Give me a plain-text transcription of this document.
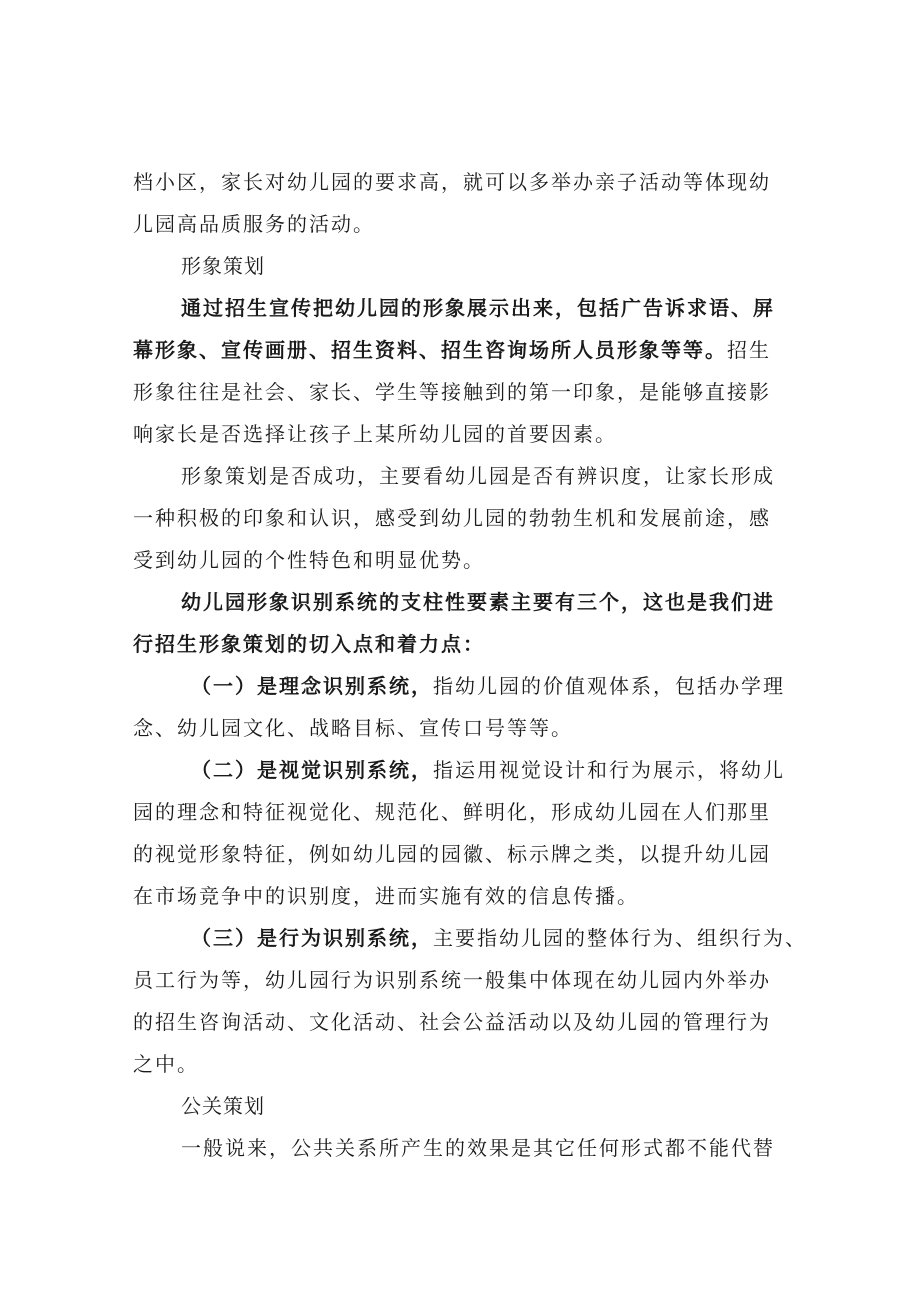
档小区，家长对幼儿园的要求高，就可以多举办亲子活动等体现幼
儿园高品质服务的活动。
形象策划
通过招生宣传把幼儿园的形象展示出来，包括广告诉求语、屏
幕形象、宣传画册、招生资料、招生咨询场所人员形象等等。招生
形象往往是社会、家长、学生等接触到的第一印象，是能够直接影
响家长是否选择让孩子上某所幼儿园的首要因素。
形象策划是否成功，主要看幼儿园是否有辨识度，让家长形成
一种积极的印象和认识，感受到幼儿园的勃勃生机和发展前途，感
受到幼儿园的个性特色和明显优势。
幼儿园形象识别系统的支柱性要素主要有三个，这也是我们进
行招生形象策划的切入点和着力点：
（一）是理念识别系统，指幼儿园的价值观体系，包括办学理
念、幼儿园文化、战略目标、宣传口号等等。
（二）是视觉识别系统，指运用视觉设计和行为展示，将幼儿
园的理念和特征视觉化、规范化、鲜明化，形成幼儿园在人们那里
的视觉形象特征，例如幼儿园的园徽、标示牌之类，以提升幼儿园
在市场竞争中的识别度，进而实施有效的信息传播。
（三）是行为识别系统，主要指幼儿园的整体行为、组织行为、
员工行为等，幼儿园行为识别系统一般集中体现在幼儿园内外举办
的招生咨询活动、文化活动、社会公益活动以及幼儿园的管理行为
之中。
公关策划
一般说来，公共关系所产生的效果是其它任何形式都不能代替
